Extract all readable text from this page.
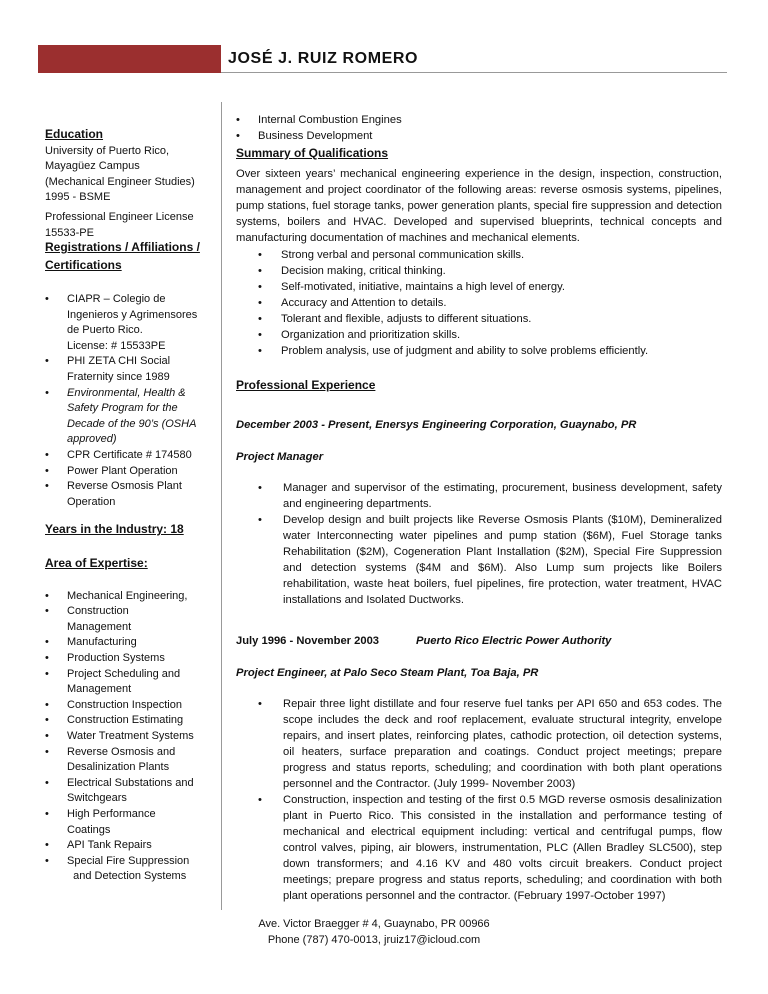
JOSÉ J. RUIZ ROMERO
Education
University of Puerto Rico,
Mayagüez Campus
(Mechanical Engineer Studies)
1995 - BSME
Professional Engineer License
15533-PE
Registrations / Affiliations /
Certifications
• CIAPR – Colegio de
Ingenieros y Agrimensores
de Puerto Rico.
License: # 15533PE
• PHI ZETA CHI Social
Fraternity since 1989
• Environmental, Health &
Safety Program for the
Decade of the 90’s (OSHA
approved)
• CPR Certificate # 174580
• Power Plant Operation
• Reverse Osmosis Plant
Operation
Years in the Industry: 18
Area of Expertise:
• Mechanical Engineering,
• Construction
Management
• Manufacturing
• Production Systems
• Project Scheduling and
Management
• Construction Inspection
• Construction Estimating
• Water Treatment Systems
• Reverse Osmosis and
Desalinization Plants
• Electrical Substations and
Switchgears
• High Performance
Coatings
• API Tank Repairs
• Special Fire Suppression
and Detection Systems
• Internal Combustion Engines
• Business Development
Summary of Qualifications
Over sixteen years’ mechanical engineering experience in the design, inspection, construction, management and project coordinator of the following areas: reverse osmosis systems, pipelines, pump stations, fuel storage tanks, power generation plants, special fire suppression and detection systems, boilers and HVAC. Developed and supervised blueprints, technical concepts and manufacturing documentation of machines and mechanical elements.
• Strong verbal and personal communication skills.
• Decision making, critical thinking.
• Self-motivated, initiative, maintains a high level of energy.
• Accuracy and Attention to details.
• Tolerant and flexible, adjusts to different situations.
• Organization and prioritization skills.
• Problem analysis, use of judgment and ability to solve problems efficiently.
Professional Experience
December 2003 - Present, Enersys Engineering Corporation, Guaynabo, PR
Project Manager
• Manager and supervisor of the estimating, procurement, business development, safety and engineering departments.
• Develop design and built projects like Reverse Osmosis Plants ($10M), Demineralized water Interconnecting water pipelines and pump station ($6M), Fuel Storage tanks Rehabilitation ($2M), Cogeneration Plant Installation ($2M), Special Fire Suppression and detection systems ($4M and $6M). Also Lump sum projects like Boilers rehabilitation, waste heat boilers, fuel pipelines, fire protection, water treatment, HVAC installations and Isolated Ductworks.
July 1996 - November 2003	Puerto Rico Electric Power Authority
Project Engineer, at Palo Seco Steam Plant, Toa Baja, PR
• Repair three light distillate and four reserve fuel tanks per API 650 and 653 codes. The scope includes the deck and roof replacement, evaluate structural integrity, envelope repairs, and insert plates, reinforcing plates, cathodic protection, oil detection systems, oil heaters, surface preparation and coatings. Conduct project meetings; prepare progress and status reports, scheduling; and coordination with both plant operations personnel and the Contractor. (July 1999- November 2003)
• Construction, inspection and testing of the first 0.5 MGD reverse osmosis desalinization plant in Puerto Rico. This consisted in the installation and performance testing of mechanical and electrical equipment including: vertical and centrifugal pumps, flow control valves, piping, air blowers, instrumentation, PLC (Allen Bradley SLC500), step down transformers; and 4.16 KV and 480 volts circuit breakers. Conduct project meetings; prepare progress and status reports, scheduling; and coordination with both plant operations personnel and the contractor. (February 1997-October 1997)
Ave. Victor Braegger # 4, Guaynabo, PR 00966
Phone (787) 470-0013, jruiz17@icloud.com
